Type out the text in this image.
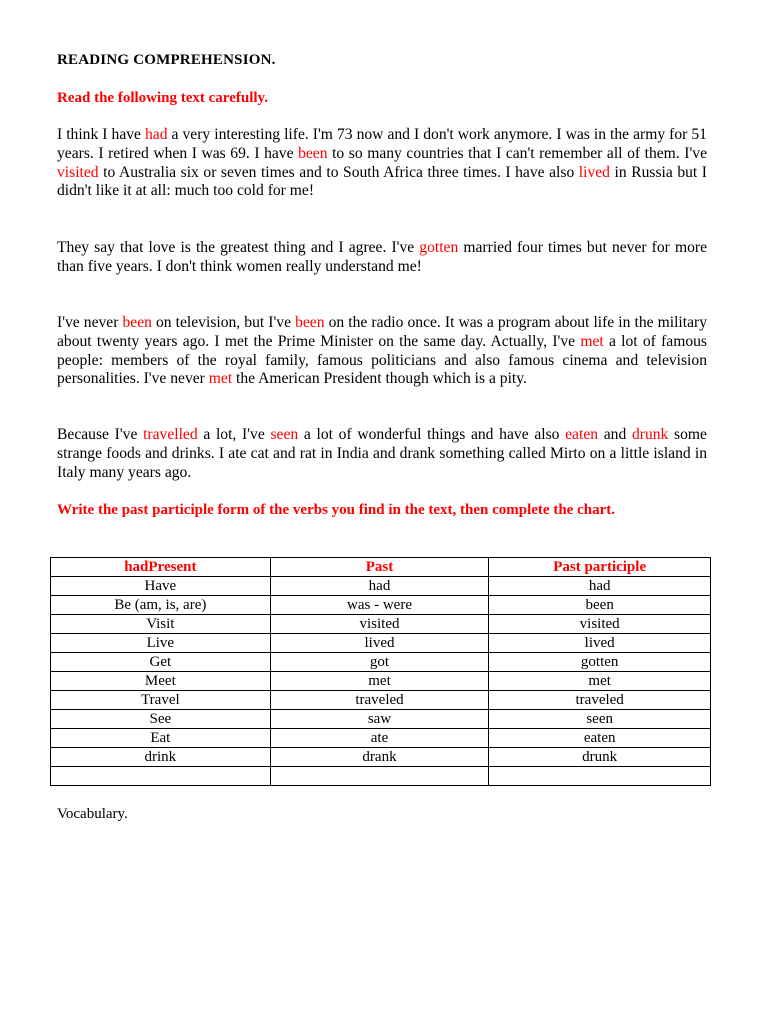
READING COMPREHENSION.
Read the following text carefully.
I think I have had a very interesting life. I'm 73 now and I don't work anymore. I was in the army for 51 years. I retired when I was 69. I have been to so many countries that I can't remember all of them. I've visited to Australia six or seven times and to South Africa three times. I have also lived in Russia but I didn't like it at all: much too cold for me!
They say that love is the greatest thing and I agree. I've gotten married four times but never for more than five years. I don't think women really understand me!
I've never been on television, but I've been on the radio once. It was a program about life in the military about twenty years ago. I met the Prime Minister on the same day. Actually, I've met a lot of famous people: members of the royal family, famous politicians and also famous cinema and television personalities. I've never met the American President though which is a pity.
Because I've travelled a lot, I've seen a lot of wonderful things and have also eaten and drunk some strange foods and drinks. I ate cat and rat in India and drank something called Mirto on a little island in Italy many years ago.
Write the past participle form of the verbs you find in the text, then complete the chart.
hadPresent	Past	Past participle
Have	had	had
Be (am, is, are)	was - were	been
Visit	visited	visited
Live	lived	lived
Get	got	gotten
Meet	met	met
Travel	traveled	traveled
See	saw	seen
Eat	ate	eaten
drink	drank	drunk

Vocabulary.
